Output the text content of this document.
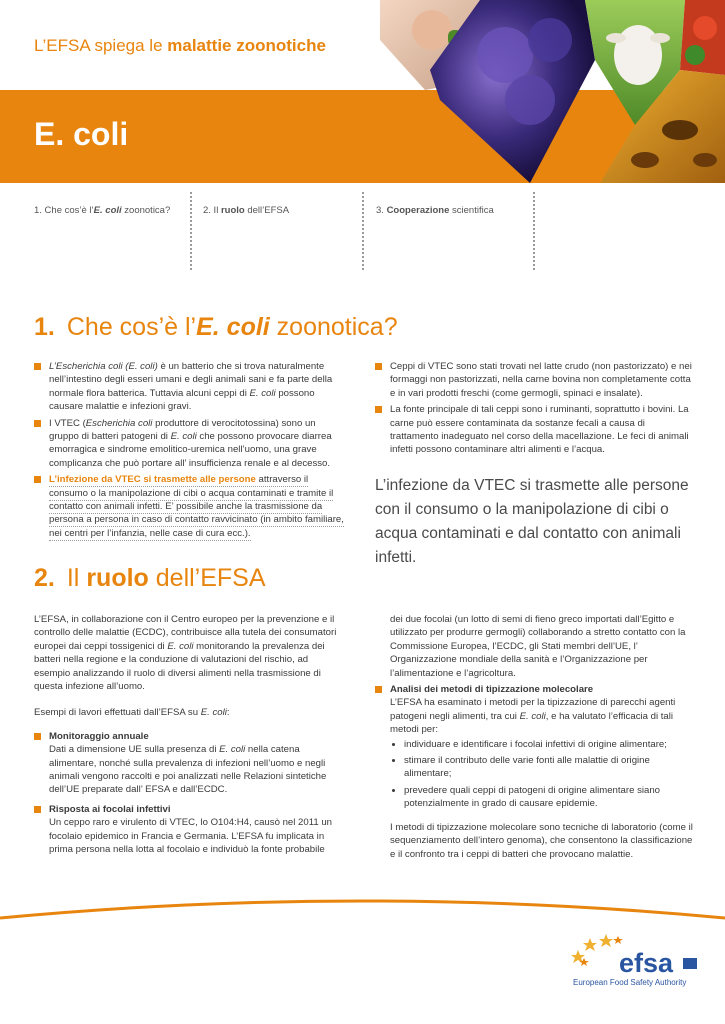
L’EFSA spiega le malattie zoonotiche
E. coli
1. Che cos’è l’E. coli zoonotica?	2. Il ruolo dell’EFSA	3. Cooperazione scientifica
1. Che cos’è l’E. coli zoonotica?
L’Escherichia coli (E. coli) è un batterio che si trova naturalmente nell’intestino degli esseri umani e degli animali sani e fa parte della normale flora batterica. Tuttavia alcuni ceppi di E. coli possono causare malattie e infezioni gravi.
I VTEC (Escherichia coli produttore di verocitotossina) sono un gruppo di batteri patogeni di E. coli che possono provocare diarrea emorragica e sindrome emolitico-uremica nell’uomo, una grave complicanza che può portare all’ insufficienza renale e al decesso.
L’infezione da VTEC si trasmette alle persone attraverso il consumo o la manipolazione di cibi o acqua contaminati e tramite il contatto con animali infetti. E’ possibile anche la trasmissione da persona a persona in caso di contatto ravvicinato (in ambito familiare, nei centri per l’infanzia, nelle case di cura ecc.).
Ceppi di VTEC sono stati trovati nel latte crudo (non pastorizzato) e nei formaggi non pastorizzati, nella carne bovina non completamente cotta e in vari prodotti freschi (come germogli, spinaci e insalate).
La fonte principale di tali ceppi sono i ruminanti, soprattutto i bovini. La carne può essere contaminata da sostanze fecali a causa di trattamento inadeguato nel corso della macellazione. Le feci di animali infetti possono contaminare altri alimenti e l’acqua.
L’infezione da VTEC si trasmette alle persone con il consumo o la manipolazione di cibi o acqua contaminati e dal contatto con animali infetti.
2. Il ruolo dell’EFSA

L’EFSA, in collaborazione con il Centro europeo per la prevenzione e il controllo delle malattie (ECDC), contribuisce alla tutela dei consumatori europei dai ceppi tossigenici di E. coli monitorando la prevalenza dei batteri nella regione e la conduzione di valutazioni del rischio, ad esempio analizzando il ruolo di diversi alimenti nella trasmissione di questa infezione all’uomo.

Esempi di lavori effettuati dall’EFSA su E. coli:

Monitoraggio annuale
Dati a dimensione UE sulla presenza di E. coli nella catena alimentare, nonché sulla prevalenza di infezioni nell’uomo e negli animali vengono raccolti e poi analizzati nelle Relazioni sintetiche dell’UE preparate dall’ EFSA e dall’ECDC.
Risposta ai focolai infettivi
Un ceppo raro e virulento di VTEC, lo O104:H4, causò nel 2011 un focolaio epidemico in Francia e Germania. L’EFSA fu implicata in prima persona nella lotta al focolaio e individuò la fonte probabile

dei due focolai (un lotto di semi di fieno greco importati dall’Egitto e utilizzato per produrre germogli) collaborando a stretto contatto con la Commissione Europea, l’ECDC, gli Stati membri dell’UE, l’ Organizzazione mondiale della sanità e l’Organizzazione per l’alimentazione e l’agricoltura.

Analisi dei metodi di tipizzazione molecolare
L’EFSA ha esaminato i metodi per la tipizzazione di parecchi agenti patogeni negli alimenti, tra cui E. coli, e ha valutato l’efficacia di tali metodi per:
individuare e identificare i focolai infettivi di origine alimentare;
stimare il contributo delle varie fonti alle malattie di origine alimentare;
prevedere quali ceppi di patogeni di origine alimentare siano potenzialmente in grado di causare epidemie.

I metodi di tipizzazione molecolare sono tecniche di laboratorio (come il sequenziamento dell’intero genoma), che consentono la classificazione e il confronto tra i ceppi di batteri che provocano malattie.

efsa
European Food Safety Authority
